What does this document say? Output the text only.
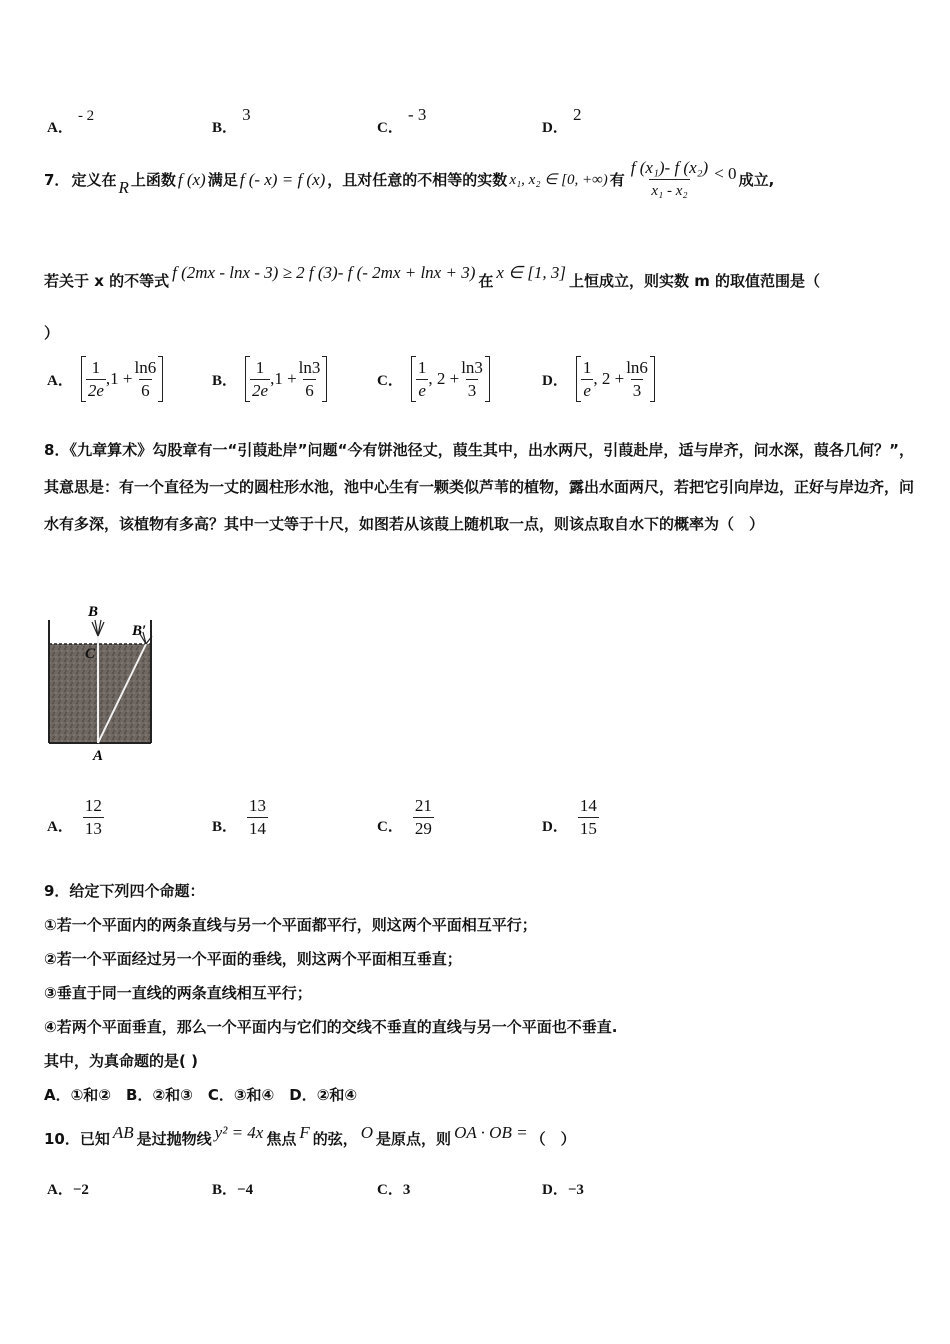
A． - 2
B． 3
C． - 3
D． 2
7． 定义在 R 上函数 f (x) 满足 f (- x) = f (x) ，且对任意的不相等的实数 x₁, x₂ ∈ [0, +∞) 有 $\frac{\text{f (x₁)- f (x₂)}}{\text{x₁ - x₂}} < 0$ 成立,
若关于 x 的不等式 f (2mx - lnx - 3) ≥ 2 f (3)- f (- 2mx + lnx + 3) 在 x ∈ [1, 3] 上恒成立，则实数 m 的取值范围是（
）
A． $\frac{1}{2e} ,1 + \frac{\ln 6}{6}$	B． $\frac{1}{2e} ,1 + \frac{\ln 3}{6}$	C． $\frac{1}{e}$ , $2 + \frac{\ln 3}{3}$	D． $\frac{1}{e}$ , $2 + \frac{\ln 6}{3}$
8．《九章算术》勾股章有一“引葭赴岸”问题“今有饼池径丈，葭生其中，出水两尺，引葭赴岸，适与岸齐，问水深，葭各几何？”，其意思是：有一个直径为一丈的圆柱形水池，池中心生有一颗类似芦苇的植物，露出水面两尺，若把它引向岸边，正好与岸边齐，问水有多深，该植物有多高？其中一丈等于十尺，如图若从该葭上随机取一点，则该点取自水下的概率为（　）
B
B′
C
A
A． $\frac{12}{13}$	B． $\frac{13}{14}$	C． $\frac{21}{29}$	D． $\frac{14}{15}$
9．给定下列四个命题：
①若一个平面内的两条直线与另一个平面都平行，则这两个平面相互平行；
②若一个平面经过另一个平面的垂线，则这两个平面相互垂直；
③垂直于同一直线的两条直线相互平行；
④若两个平面垂直，那么一个平面内与它们的交线不垂直的直线与另一个平面也不垂直.
其中，为真命题的是( )
A．①和②　B．②和③　C．③和④　D．②和④
10．已知 AB 是过抛物线 y² = 4x 焦点 F 的弦， O 是原点，则 OA · OB = （　）
A．−2	B．−4	C．3	D．−3
